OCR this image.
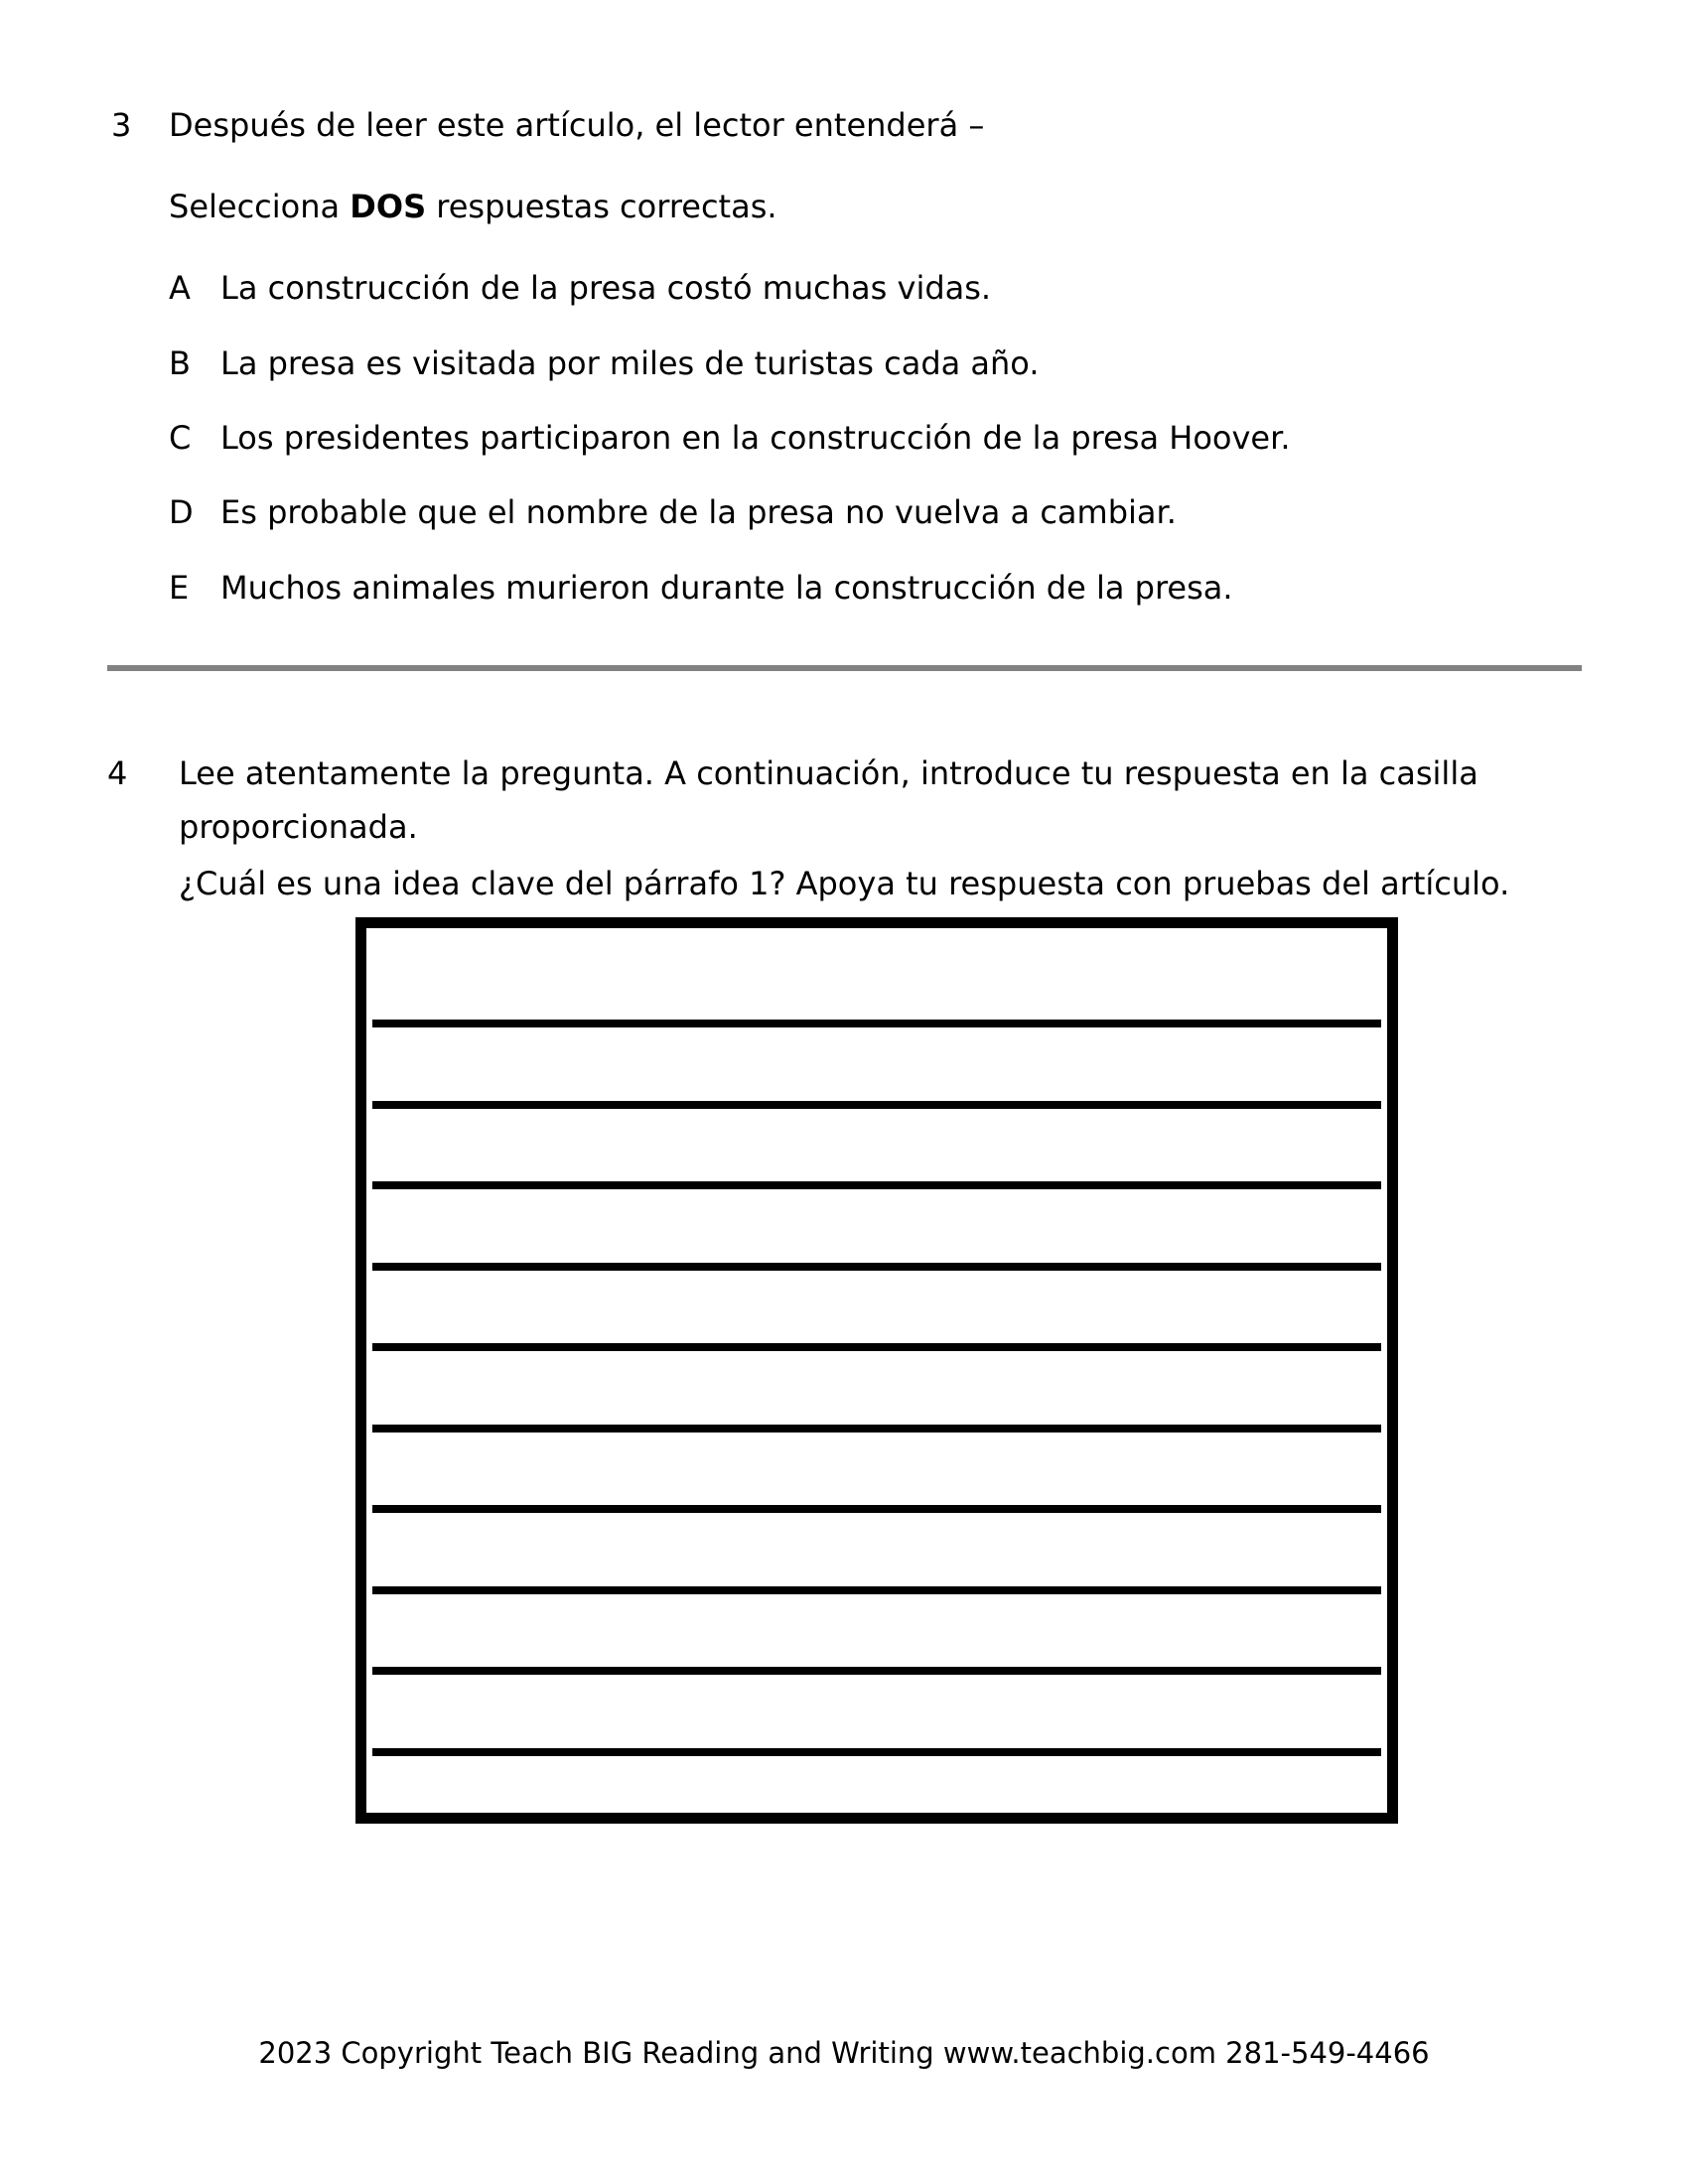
3	Después de leer este artículo, el lector entenderá –
Selecciona DOS respuestas correctas.
A La construcción de la presa costó muchas vidas.
B La presa es visitada por miles de turistas cada año.
C Los presidentes participaron en la construcción de la presa Hoover.
D Es probable que el nombre de la presa no vuelva a cambiar.
E Muchos animales murieron durante la construcción de la presa.
4	Lee atentamente la pregunta. A continuación, introduce tu respuesta en la casilla proporcionada.
¿Cuál es una idea clave del párrafo 1? Apoya tu respuesta con pruebas del artículo.
2023 Copyright Teach BIG Reading and Writing www.teachbig.com 281-549-4466
